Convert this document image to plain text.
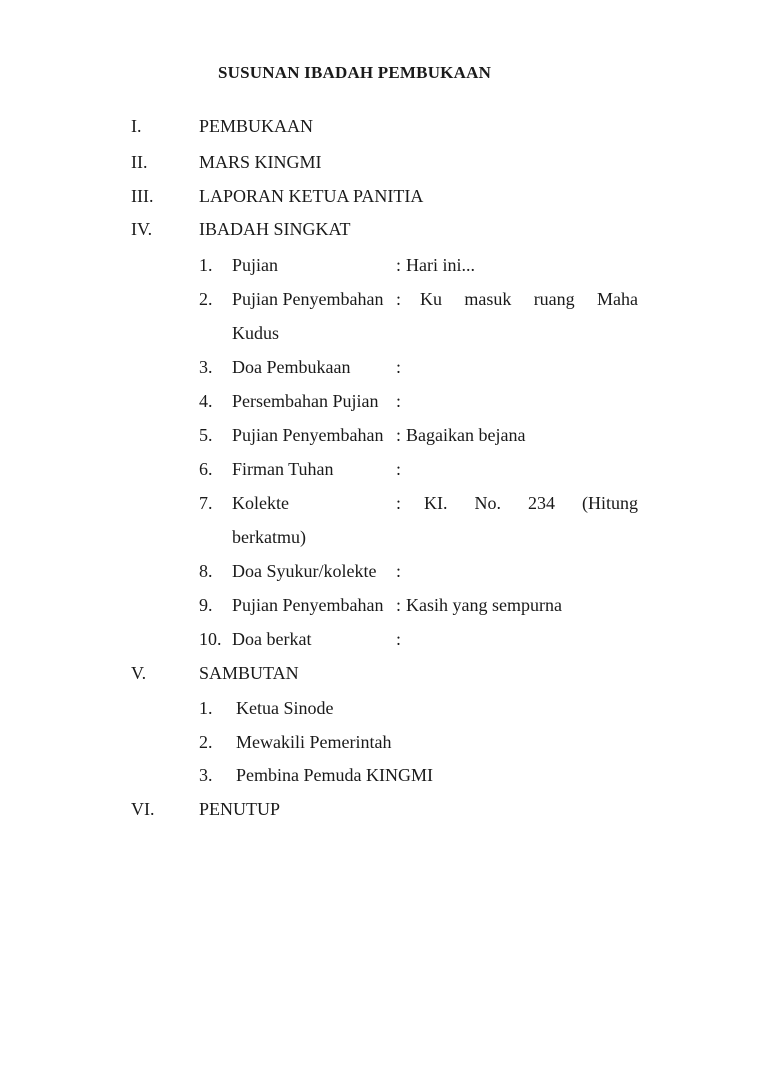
SUSUNAN IBADAH PEMBUKAAN
I.	PEMBUKAAN
II.	MARS KINGMI
III.	LAPORAN KETUA PANITIA
IV.	IBADAH SINGKAT
1. Pujian	: Hari ini...
2. Pujian Penyembahan : Ku masuk ruang Maha
Kudus
3. Doa Pembukaan	:
4. Persembahan Pujian :
5. Pujian Penyembahan : Bagaikan bejana
6. Firman Tuhan	:
7. Kolekte	: KI. No. 234 (Hitung
berkatmu)
8. Doa Syukur/kolekte :
9. Pujian Penyembahan : Kasih yang sempurna
10. Doa berkat	:
V.	SAMBUTAN
1. Ketua Sinode
2. Mewakili Pemerintah
3. Pembina Pemuda KINGMI
VI. PENUTUP
